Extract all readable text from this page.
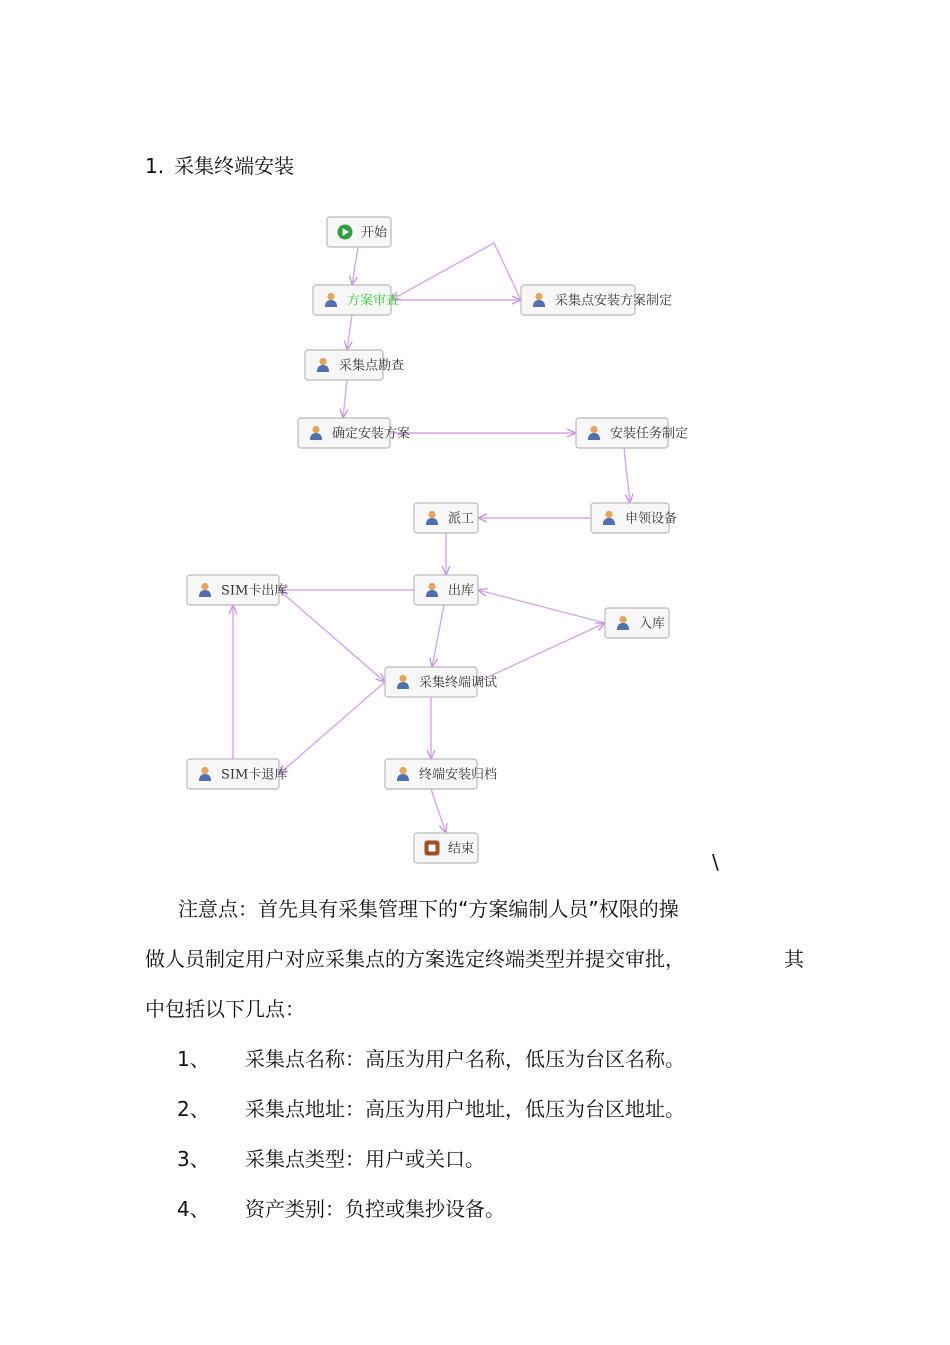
1. 采集终端安装
开始
方案审查	采集点安装方案制定
采集点勘查
确定安装方案	安装任务制定
派工	申领设备
SIM卡出库	出库
入库
采集终端调试
SIM卡退库	终端安装归档
结束
\
注意点：首先具有采集管理下的“方案编制人员”权限的操
做人员制定用户对应采集点的方案选定终端类型并提交审批，	其
中包括以下几点：
1、 采集点名称：高压为用户名称，低压为台区名称。
2、 采集点地址：高压为用户地址，低压为台区地址。
3、 采集点类型：用户或关口。
4、 资产类别：负控或集抄设备。
